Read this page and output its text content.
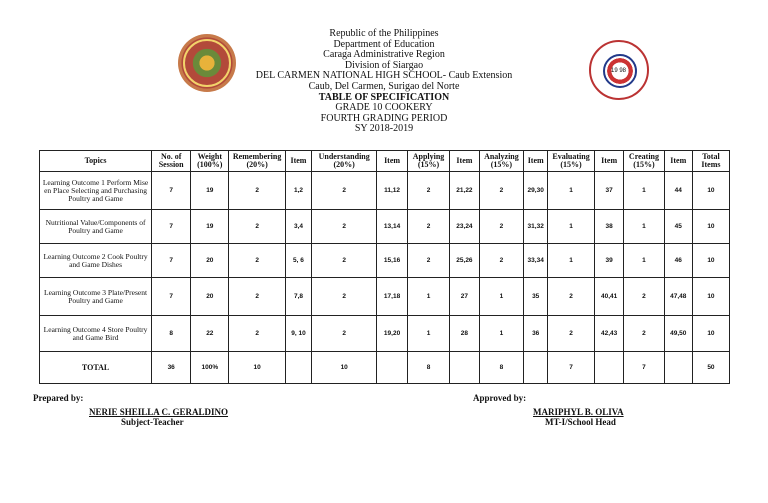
19 98
Republic of the Philippines
Department of Education
Caraga Administrative Region
Division of Siargao
DEL CARMEN NATIONAL HIGH SCHOOL- Caub Extension
Caub, Del Carmen, Surigao del Norte
TABLE OF SPECIFICATION
GRADE 10 COOKERY
FOURTH GRADING PERIOD
SY 2018-2019
Topics	No. of Session	Weight (100%)	Remembering (20%)	Item	Understanding (20%)	Item	Applying (15%)	Item	Analyzing (15%)	Item	Evaluating (15%)	Item	Creating (15%)	Item	Total Items
Learning Outcome 1 Perform Mise en Place Selecting and Purchasing Poultry and Game	7	19	2	1,2	2	11,12	2	21,22	2	29,30	1	37	1	44	10
Nutritional Value/Components of Poultry and Game	7	19	2	3,4	2	13,14	2	23,24	2	31,32	1	38	1	45	10
Learning Outcome 2 Cook Poultry and Game Dishes	7	20	2	5, 6	2	15,16	2	25,26	2	33,34	1	39	1	46	10
Learning Outcome 3 Plate/Present Poultry and Game	7	20	2	7,8	2	17,18	1	27	1	35	2	40,41	2	47,48	10
Learning Outcome 4 Store Poultry and Game Bird	8	22	2	9, 10	2	19,20	1	28	1	36	2	42,43	2	49,50	10
TOTAL	36	100%	10		10		8		8		7		7		50
Prepared by:
NERIE SHEILLA C. GERALDINO
Subject-Teacher
Approved by:
MARIPHYL B. OLIVA
MT-I/School Head
